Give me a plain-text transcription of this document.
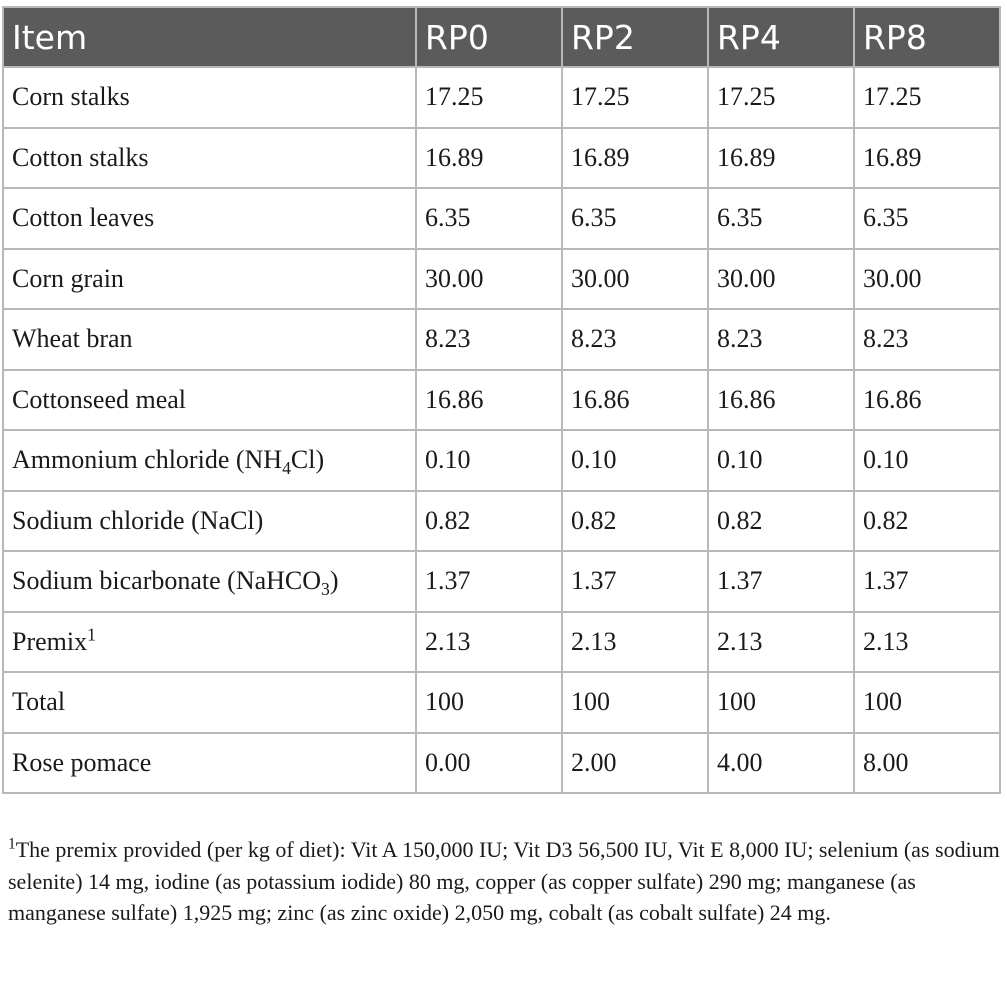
Item	RP0	RP2	RP4	RP8
Corn stalks	17.25	17.25	17.25	17.25
Cotton stalks	16.89	16.89	16.89	16.89
Cotton leaves	6.35	6.35	6.35	6.35
Corn grain	30.00	30.00	30.00	30.00
Wheat bran	8.23	8.23	8.23	8.23
Cottonseed meal	16.86	16.86	16.86	16.86
Ammonium chloride $(NH_4Cl)$	0.10	0.10	0.10	0.10
Sodium chloride (NaCl)	0.82	0.82	0.82	0.82
Sodium bicarbonate (NaHCO$_3$)	1.37	1.37	1.37	1.37
Premix$^1$	2.13	2.13	2.13	2.13
Total	100	100	100	100
Rose pomace	0.00	2.00	4.00	8.00

$^1$The premix provided (per kg of diet): Vit A 150,000 IU; Vit D3 56,500 IU, Vit E 8,000 IU; selenium (as sodium selenite) 14 mg, iodine (as potassium iodide) 80 mg, copper (as copper sulfate) 290 mg; manganese (as manganese sulfate) 1,925 mg; zinc (as zinc oxide) 2,050 mg, cobalt (as cobalt sulfate) 24 mg.
